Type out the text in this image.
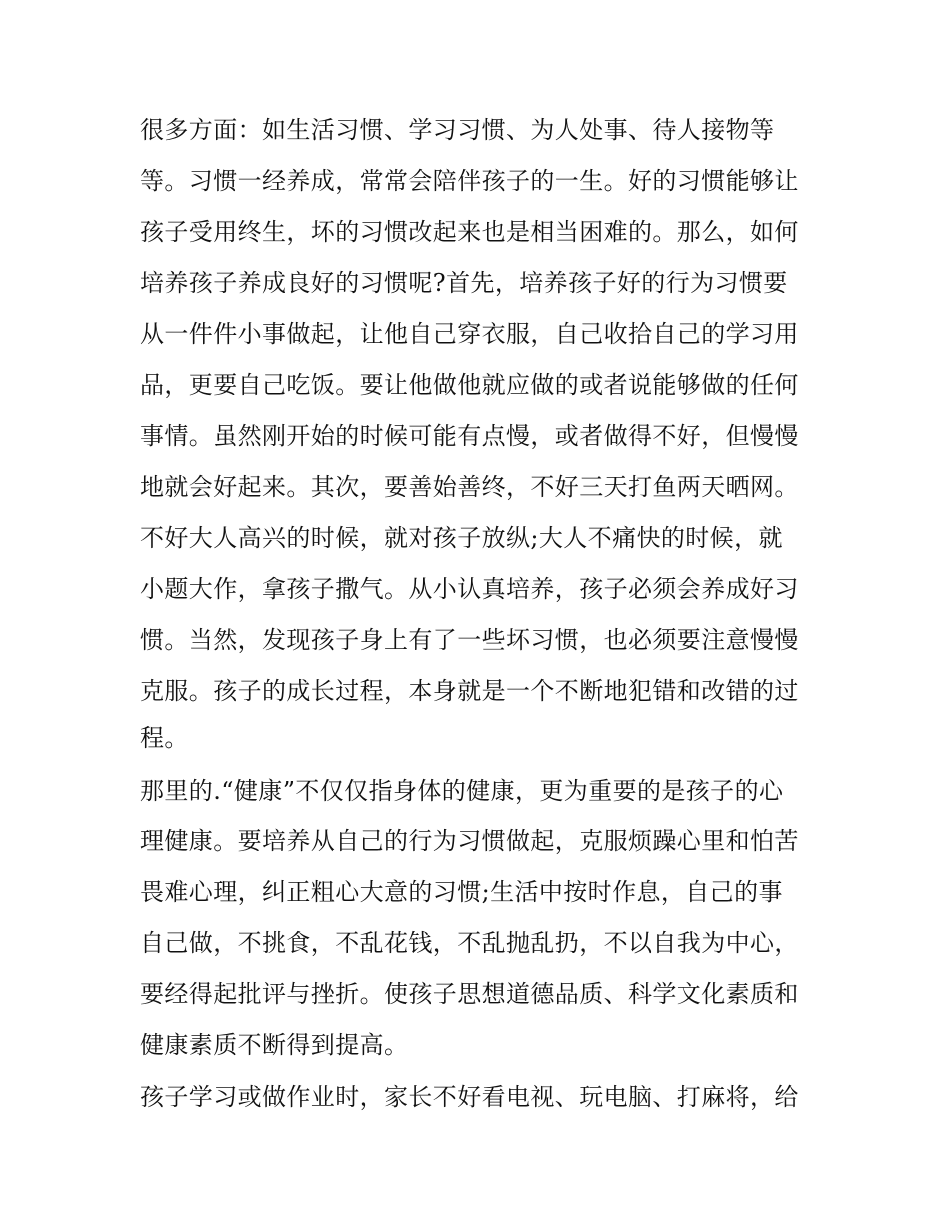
很多方面：如生活习惯、学习习惯、为人处事、待人接物等
等。习惯一经养成，常常会陪伴孩子的一生。好的习惯能够让
孩子受用终生，坏的习惯改起来也是相当困难的。那么，如何
培养孩子养成良好的习惯呢?首先，培养孩子好的行为习惯要
从一件件小事做起，让他自己穿衣服，自己收拾自己的学习用
品，更要自己吃饭。要让他做他就应做的或者说能够做的任何
事情。虽然刚开始的时候可能有点慢，或者做得不好，但慢慢
地就会好起来。其次，要善始善终，不好三天打鱼两天晒网。
不好大人高兴的时候，就对孩子放纵;大人不痛快的时候，就
小题大作，拿孩子撒气。从小认真培养，孩子必须会养成好习
惯。当然，发现孩子身上有了一些坏习惯，也必须要注意慢慢
克服。孩子的成长过程，本身就是一个不断地犯错和改错的过
程。
那里的.“健康”不仅仅指身体的健康，更为重要的是孩子的心
理健康。要培养从自己的行为习惯做起，克服烦躁心里和怕苦
畏难心理，纠正粗心大意的习惯;生活中按时作息，自己的事
自己做，不挑食，不乱花钱，不乱抛乱扔，不以自我为中心，
要经得起批评与挫折。使孩子思想道德品质、科学文化素质和
健康素质不断得到提高。
孩子学习或做作业时，家长不好看电视、玩电脑、打麻将，给
